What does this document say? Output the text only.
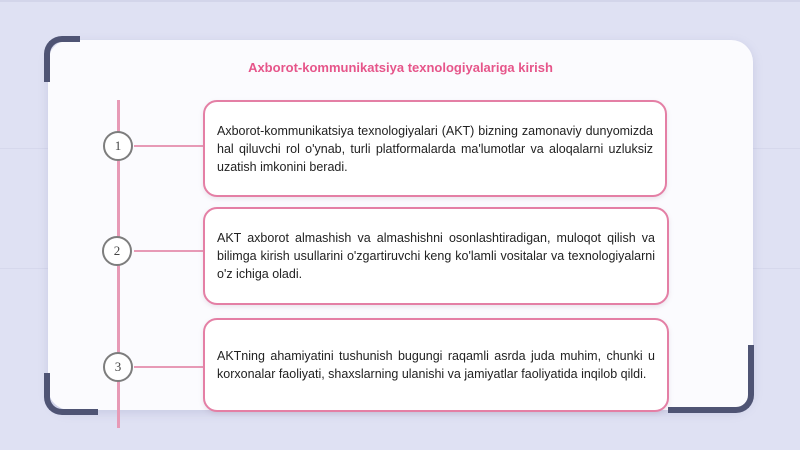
Axborot-kommunikatsiya texnologiyalariga kirish
1

Axborot-kommunikatsiya texnologiyalari (AKT) bizning zamonaviy dunyomizda hal qiluvchi rol o'ynab, turli platformalarda ma'lumotlar va aloqalarni uzluksiz uzatish imkonini beradi.

2

AKT axborot almashish va almashishni osonlashtiradigan, muloqot qilish va bilimga kirish usullarini o'zgartiruvchi keng ko'lamli vositalar va texnologiyalarni o'z ichiga oladi.

3

AKTning ahamiyatini tushunish bugungi raqamli asrda juda muhim, chunki u korxonalar faoliyati, shaxslarning ulanishi va jamiyatlar faoliyatida inqilob qildi.
